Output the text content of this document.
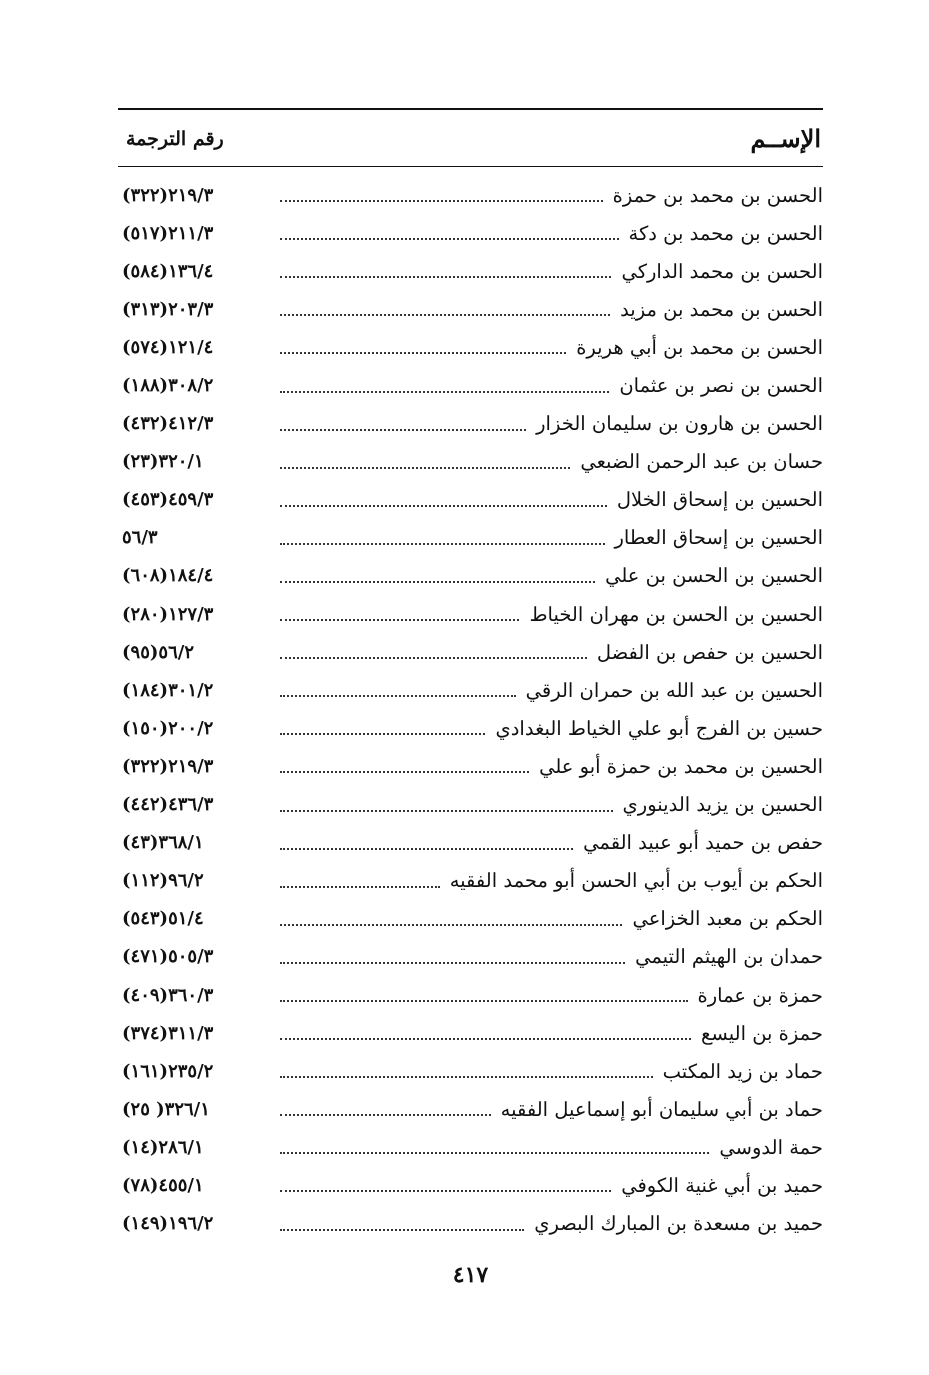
الإســم
رقم الترجمة
الحسن بن محمد بن حمزة
٢١٩/٣(٣٢٢)
الحسن بن محمد بن دكة
٢١١/٣(٥١٧)
الحسن بن محمد الداركي
١٣٦/٤(٥٨٤)
الحسن بن محمد بن مزيد
٢٠٣/٣(٣١٣)
الحسن بن محمد بن أبي هريرة
١٢١/٤(٥٧٤)
الحسن بن نصر بن عثمان
٣٠٨/٢(١٨٨)
الحسن بن هارون بن سليمان الخزار
٤١٢/٣(٤٣٢)
حسان بن عبد الرحمن الضبعي
٣٢٠/١(٢٣)
الحسين بن إسحاق الخلال
٤٥٩/٣(٤٥٣)
الحسين بن إسحاق العطار
٥٦/٣
الحسين بن الحسن بن علي
١٨٤/٤(٦٠٨)
الحسين بن الحسن بن مهران الخياط
١٢٧/٣(٢٨٠)
الحسين بن حفص بن الفضل
٥٦/٢(٩٥)
الحسين بن عبد الله بن حمران الرقي
٣٠١/٢(١٨٤)
حسين بن الفرج أبو علي الخياط البغدادي
٢٠٠/٢(١٥٠)
الحسين بن محمد بن حمزة أبو علي
٢١٩/٣(٣٢٢)
الحسين بن يزيد الدينوري
٤٣٦/٣(٤٤٢)
حفص بن حميد أبو عبيد القمي
٣٦٨/١(٤٣)
الحكم بن أيوب بن أبي الحسن أبو محمد الفقيه
٩٦/٢(١١٢)
الحكم بن معبد الخزاعي
٥١/٤(٥٤٣)
حمدان بن الهيثم التيمي
٥٠٥/٣(٤٧١)
حمزة بن عمارة
٣٦٠/٣(٤٠٩)
حمزة بن اليسع
٣١١/٣(٣٧٤)
حماد بن زيد المكتب
٢٣٥/٢(١٦١)
حماد بن أبي سليمان أبو إسماعيل الفقيه
٣٢٦/١( ٢٥)
حمة الدوسي
٢٨٦/١(١٤)
حميد بن أبي غنية الكوفي
٤٥٥/١(٧٨)
حميد بن مسعدة بن المبارك البصري
١٩٦/٢(١٤٩)
٤١٧
